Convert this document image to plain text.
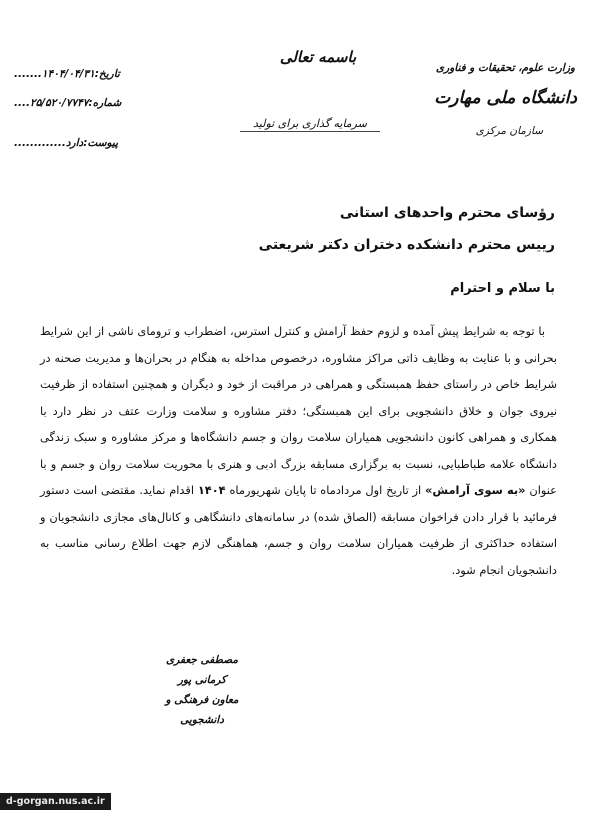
تاریخ:۱۴۰۴/۰۴/۳۱.......
شماره:۲۵/۵۲۰/۷۷۴۷....
پیوست:دارد.............
باسمه تعالی
سرمایه گذاری برای تولید
وزارت علوم، تحقیقات و فناوری
دانشگاه ملی مهارت
سازمان مرکزی
رؤسای محترم واحدهای استانی
رییس محترم دانشکده دختران دکتر شریعتی
با سلام و احترام
با توجه به شرایط پیش آمده و لزوم حفظ آرامش و کنترل استرس، اضطراب و ترومای ناشی از این شرایط بحرانی و با عنایت به وظایف ذاتی مراکز مشاوره، درخصوص مداخله به هنگام در بحران‌ها و مدیریت صحنه در شرایط خاص در راستای حفظ همبستگی و همراهی در مراقبت از خود و دیگران و همچنین استفاده از ظرفیت نیروی جوان و خلاق دانشجویی برای این همبستگی؛ دفتر مشاوره و سلامت وزارت عتف در نظر دارد با همکاری و همراهی کانون دانشجویی همیاران سلامت روان و جسم دانشگاه‌ها و مرکز مشاوره و سبک زندگی دانشگاه علامه طباطبایی، نسبت به برگزاری مسابقه بزرگ ادبی و هنری با محوریت سلامت روان و جسم و با عنوان «به سوی آرامش» از تاریخ اول مردادماه تا پایان شهریورماه ۱۴۰۴ اقدام نماید. مقتضی است دستور فرمائید با قرار دادن فراخوان مسابقه (الصاق شده) در سامانه‌های دانشگاهی و کانال‌های مجازی دانشجویان و استفاده حداکثری از ظرفیت همیاران سلامت روان و جسم، هماهنگی لازم جهت اطلاع رسانی مناسب به دانشجویان انجام شود.
مصطفی جعفری کرمانی پور
معاون فرهنگی و دانشجویی
d-gorgan.nus.ac.ir
